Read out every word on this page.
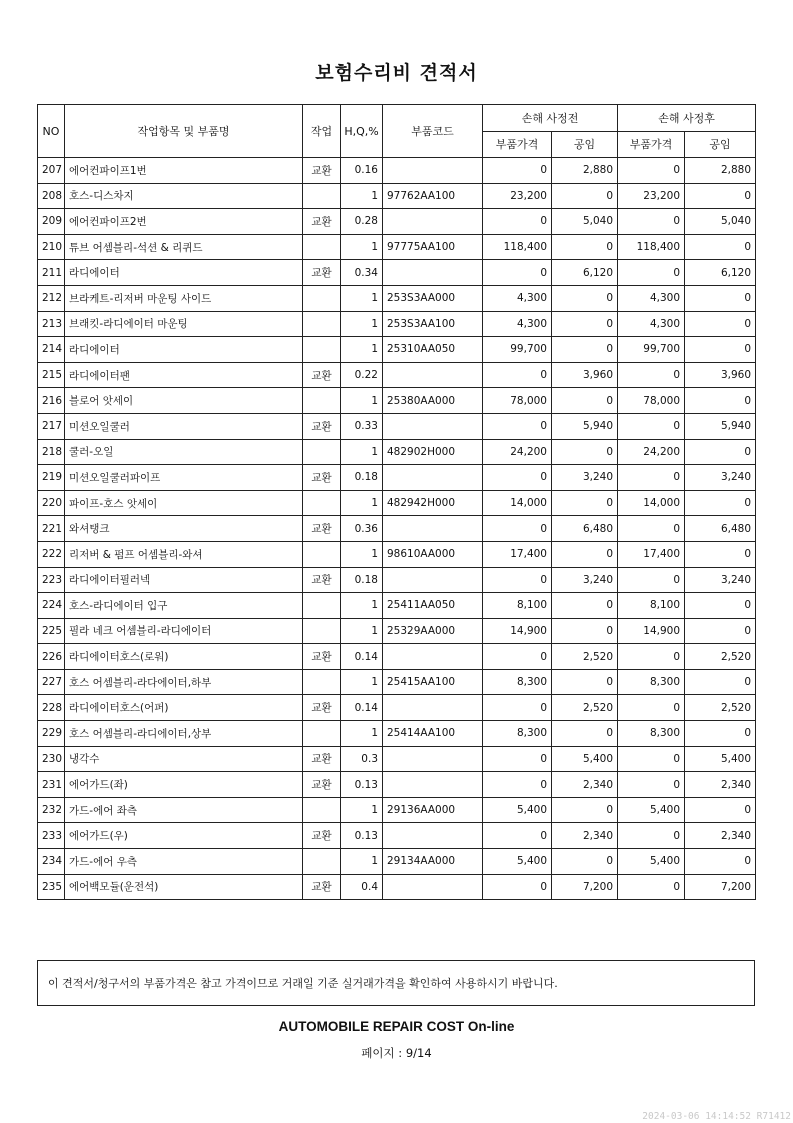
보험수리비 견적서
NO	작업항목 및 부품명	작업	H,Q,%	부품코드	손해 사정전		손해 사정후	
					부품가격	공임	부품가격	공임
207	에어컨파이프1번	교환	0.16		0	2,880	0	2,880
208	호스-디스차지		1	97762AA100	23,200	0	23,200	0
209	에어컨파이프2번	교환	0.28		0	5,040	0	5,040
210	튜브 어셈블리-석션 & 리퀴드		1	97775AA100	118,400	0	118,400	0
211	라디에이터	교환	0.34		0	6,120	0	6,120
212	브라케트-리저버 마운팅 사이드		1	253S3AA000	4,300	0	4,300	0
213	브래킷-라디에이터 마운팅		1	253S3AA100	4,300	0	4,300	0
214	라디에이터		1	25310AA050	99,700	0	99,700	0
215	라디에이터팬	교환	0.22		0	3,960	0	3,960
216	블로어 앗세이		1	25380AA000	78,000	0	78,000	0
217	미션오일쿨러	교환	0.33		0	5,940	0	5,940
218	쿨러-오일		1	482902H000	24,200	0	24,200	0
219	미션오일쿨러파이프	교환	0.18		0	3,240	0	3,240
220	파이프-호스 앗세이		1	482942H000	14,000	0	14,000	0
221	와셔탱크	교환	0.36		0	6,480	0	6,480
222	리저버 & 펌프 어셈블리-와셔		1	98610AA000	17,400	0	17,400	0
223	라디에이터필러넥	교환	0.18		0	3,240	0	3,240
224	호스-라디에이터 입구		1	25411AA050	8,100	0	8,100	0
225	필라 네크 어셈블리-라디에이터		1	25329AA000	14,900	0	14,900	0
226	라디에이터호스(로워)	교환	0.14		0	2,520	0	2,520
227	호스 어셈블리-라다에이터,하부		1	25415AA100	8,300	0	8,300	0
228	라디에이터호스(어퍼)	교환	0.14		0	2,520	0	2,520
229	호스 어셈블리-라디에이터,상부		1	25414AA100	8,300	0	8,300	0
230	냉각수	교환	0.3		0	5,400	0	5,400
231	에어가드(좌)	교환	0.13		0	2,340	0	2,340
232	가드-에어 좌측		1	29136AA000	5,400	0	5,400	0
233	에어가드(우)	교환	0.13		0	2,340	0	2,340
234	가드-에어 우측		1	29134AA000	5,400	0	5,400	0
235	에어백모듈(운전석)	교환	0.4		0	7,200	0	7,200
이 견적서/청구서의 부품가격은 참고 가격이므로 거래일 기준 실거래가격을 확인하여 사용하시기 바랍니다.
AUTOMOBILE REPAIR COST On-line
페이지 : 9/14
2024-03-06 14:14:52 R71412
